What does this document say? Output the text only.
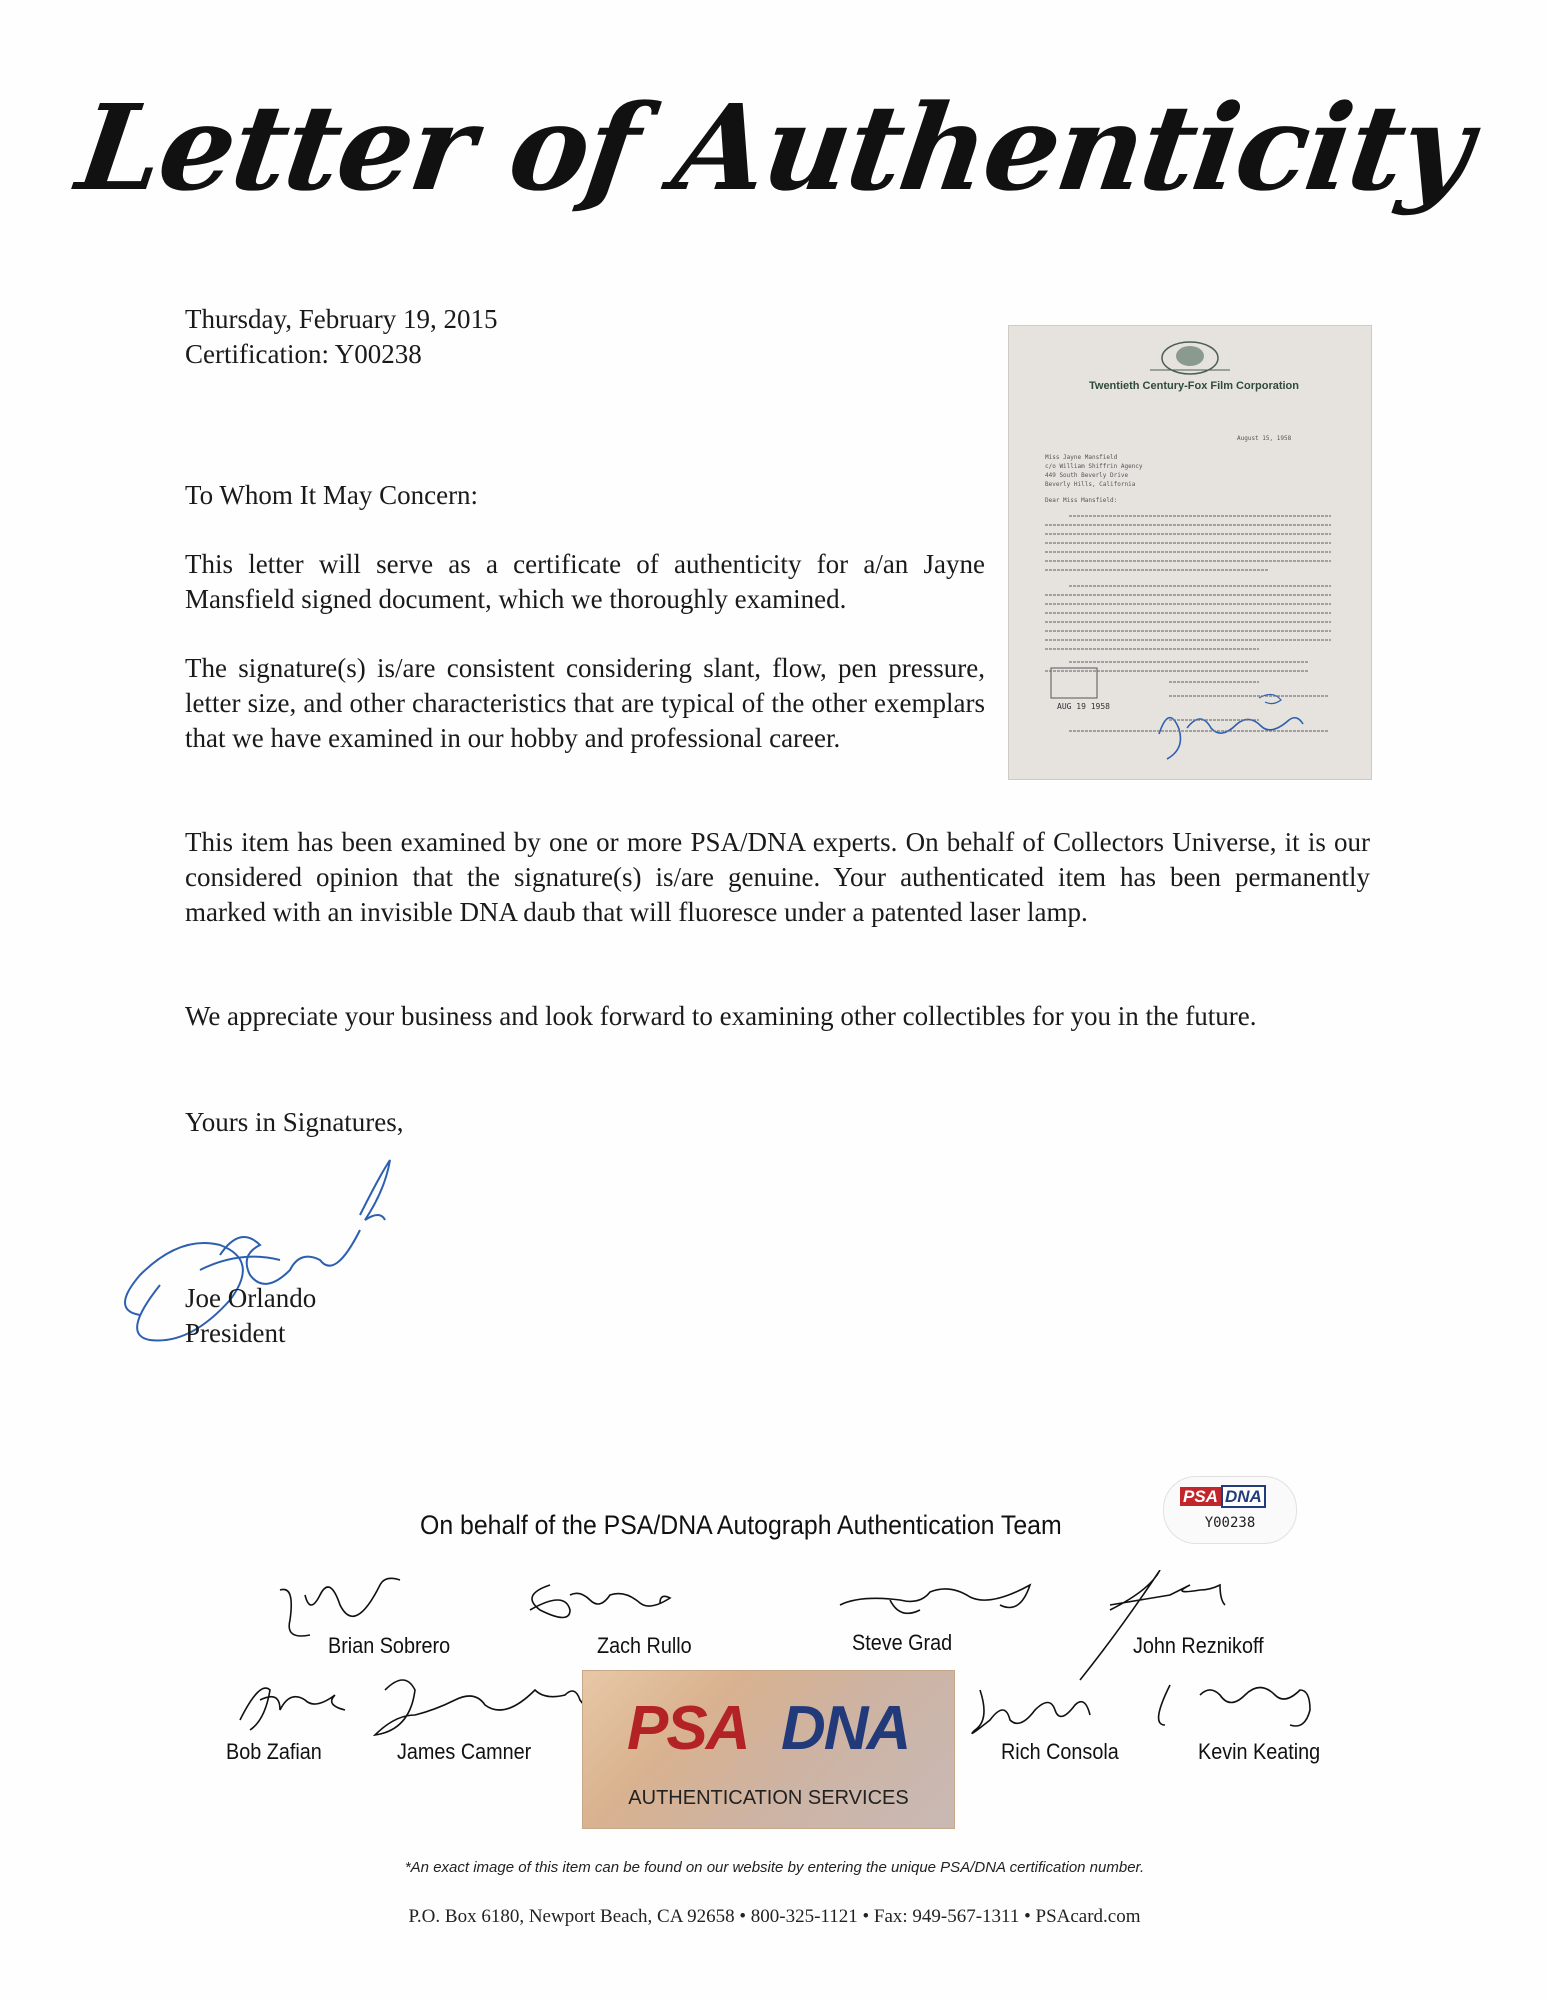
Letter of Authenticity
Thursday, February 19, 2015
Certification: Y00238
Twentieth Century-Fox Film Corporation
August 15, 1958
Miss Jayne Mansfield
c/o William Shiffrin Agency
449 South Beverly Drive
Beverly Hills, California
Dear Miss Mansfield:
AUG 19 1958
To Whom It May Concern:
This letter will serve as a certificate of authenticity for a/an Jayne Mansfield signed document, which we thoroughly examined.
The signature(s) is/are consistent considering slant, flow, pen pressure, letter size, and other characteristics that are typical of the other exemplars that we have examined in our hobby and professional career.
This item has been examined by one or more PSA/DNA experts. On behalf of Collectors Universe, it is our considered opinion that the signature(s) is/are genuine. Your authenticated item has been permanently marked with an invisible DNA daub that will fluoresce under a patented laser lamp.
We appreciate your business and look forward to examining other collectibles for you in the future.
Yours in Signatures,
Joe Orlando
President
On behalf of the PSA/DNA Autograph Authentication Team
PSA DNA
Y00238
Brian Sobrero	Zach Rullo	Steve Grad	John Reznikoff
Bob Zafian	James Camner	Rich Consola	Kevin Keating
PSA DNA
AUTHENTICATION SERVICES
*An exact image of this item can be found on our website by entering the unique PSA/DNA certification number.
P.O. Box 6180, Newport Beach, CA 92658 • 800-325-1121 • Fax: 949-567-1311 • PSAcard.com
